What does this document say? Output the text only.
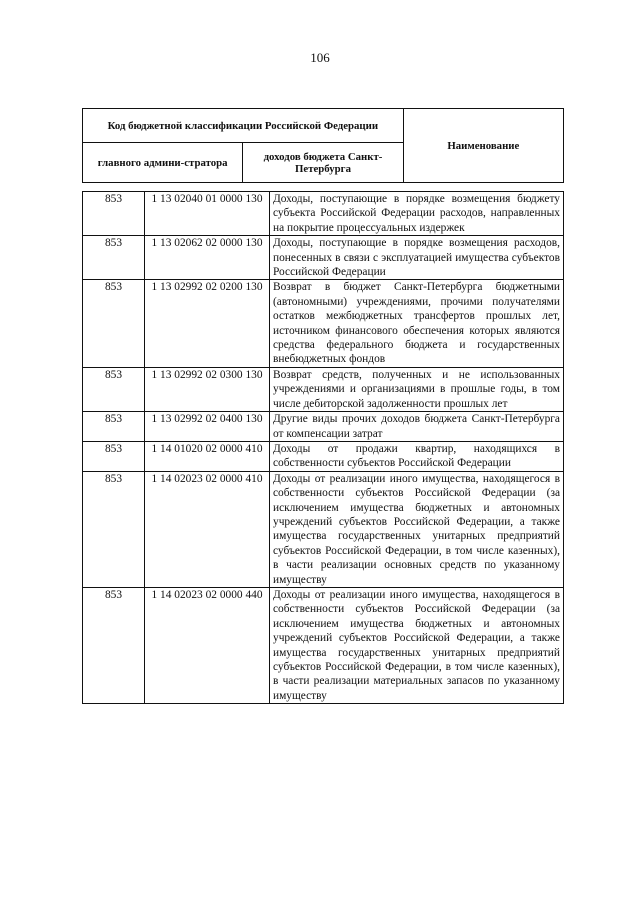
106
Код бюджетной классификации Российской Федерации		Наименование
главного админи-стратора	доходов бюджета Санкт-Петербурга	
853	1 13 02040 01 0000 130	Доходы, поступающие в порядке возмещения бюджету субъекта Российской Федерации расходов, направленных на покрытие процессуальных издержек
853	1 13 02062 02 0000 130	Доходы, поступающие в порядке возмещения расходов, понесенных в связи с эксплуатацией имущества субъектов Российской Федерации
853	1 13 02992 02 0200 130	Возврат в бюджет Санкт-Петербурга бюджетными (автономными) учреждениями, прочими получателями остатков межбюджетных трансфертов прошлых лет, источником финансового обеспечения которых являются средства федерального бюджета и государственных внебюджетных фондов
853	1 13 02992 02 0300 130	Возврат средств, полученных и не использованных учреждениями и организациями в прошлые годы, в том числе дебиторской задолженности прошлых лет
853	1 13 02992 02 0400 130	Другие виды прочих доходов бюджета Санкт-Петербурга от компенсации затрат
853	1 14 01020 02 0000 410	Доходы от продажи квартир, находящихся в собственности субъектов Российской Федерации
853	1 14 02023 02 0000 410	Доходы от реализации иного имущества, находящегося в собственности субъектов Российской Федерации (за исключением имущества бюджетных и автономных учреждений субъектов Российской Федерации, а также имущества государственных унитарных предприятий субъектов Российской Федерации, в том числе казенных), в части реализации основных средств по указанному имуществу
853	1 14 02023 02 0000 440	Доходы от реализации иного имущества, находящегося в собственности субъектов Российской Федерации (за исключением имущества бюджетных и автономных учреждений субъектов Российской Федерации, а также имущества государственных унитарных предприятий субъектов Российской Федерации, в том числе казенных), в части реализации материальных запасов по указанному имуществу
